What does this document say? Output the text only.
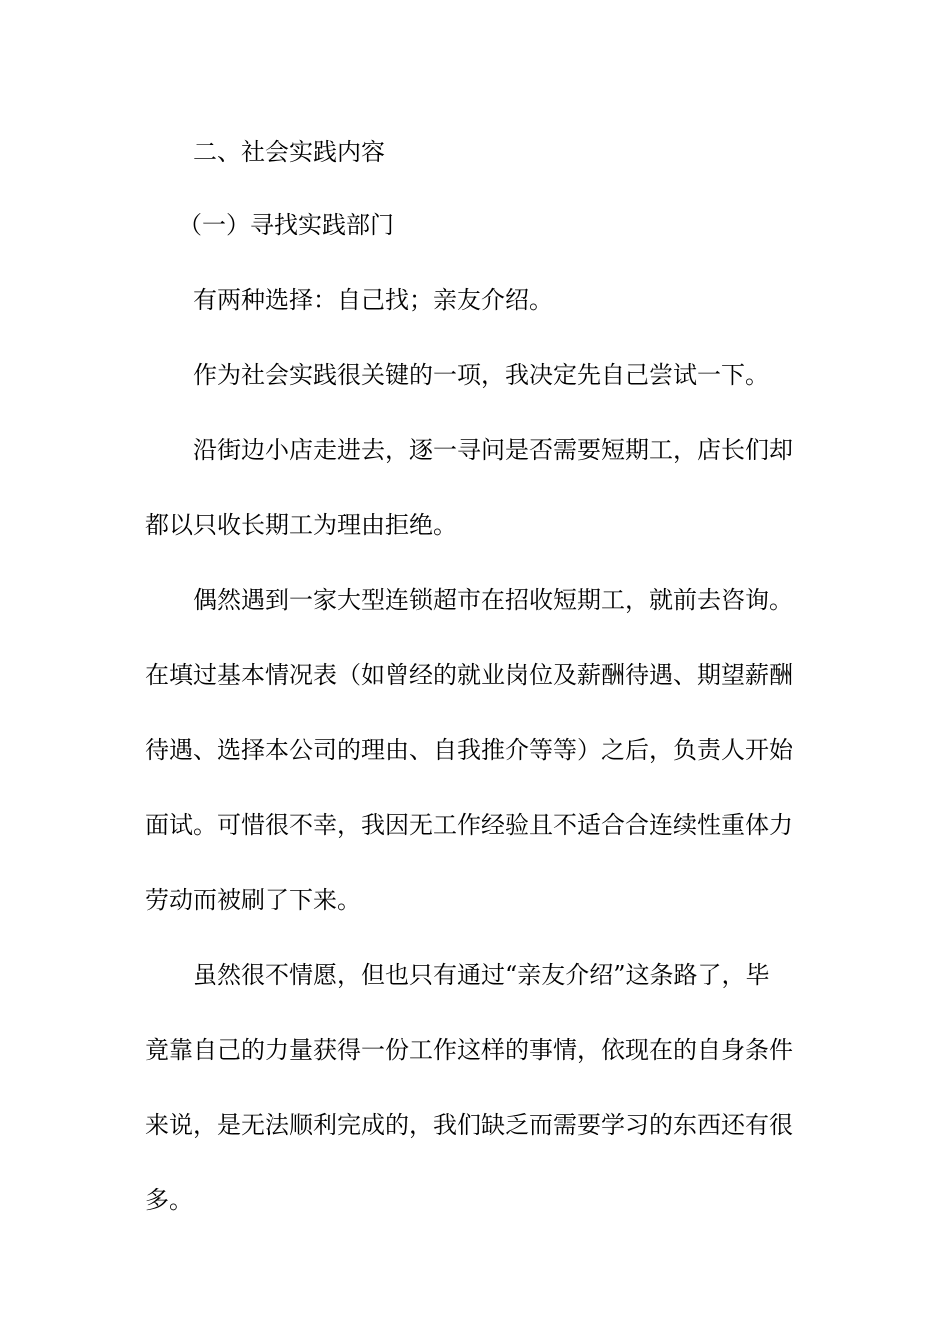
二、社会实践内容
（一）寻找实践部门
有两种选择：自己找；亲友介绍。
作为社会实践很关键的一项，我决定先自己尝试一下。
沿街边小店走进去，逐一寻问是否需要短期工，店长们却
都以只收长期工为理由拒绝。
偶然遇到一家大型连锁超市在招收短期工，就前去咨询。
在填过基本情况表（如曾经的就业岗位及薪酬待遇、期望薪酬
待遇、选择本公司的理由、自我推介等等）之后，负责人开始
面试。可惜很不幸，我因无工作经验且不适合合连续性重体力
劳动而被刷了下来。
虽然很不情愿，但也只有通过“亲友介绍”这条路了，毕
竟靠自己的力量获得一份工作这样的事情，依现在的自身条件
来说，是无法顺利完成的，我们缺乏而需要学习的东西还有很
多。
